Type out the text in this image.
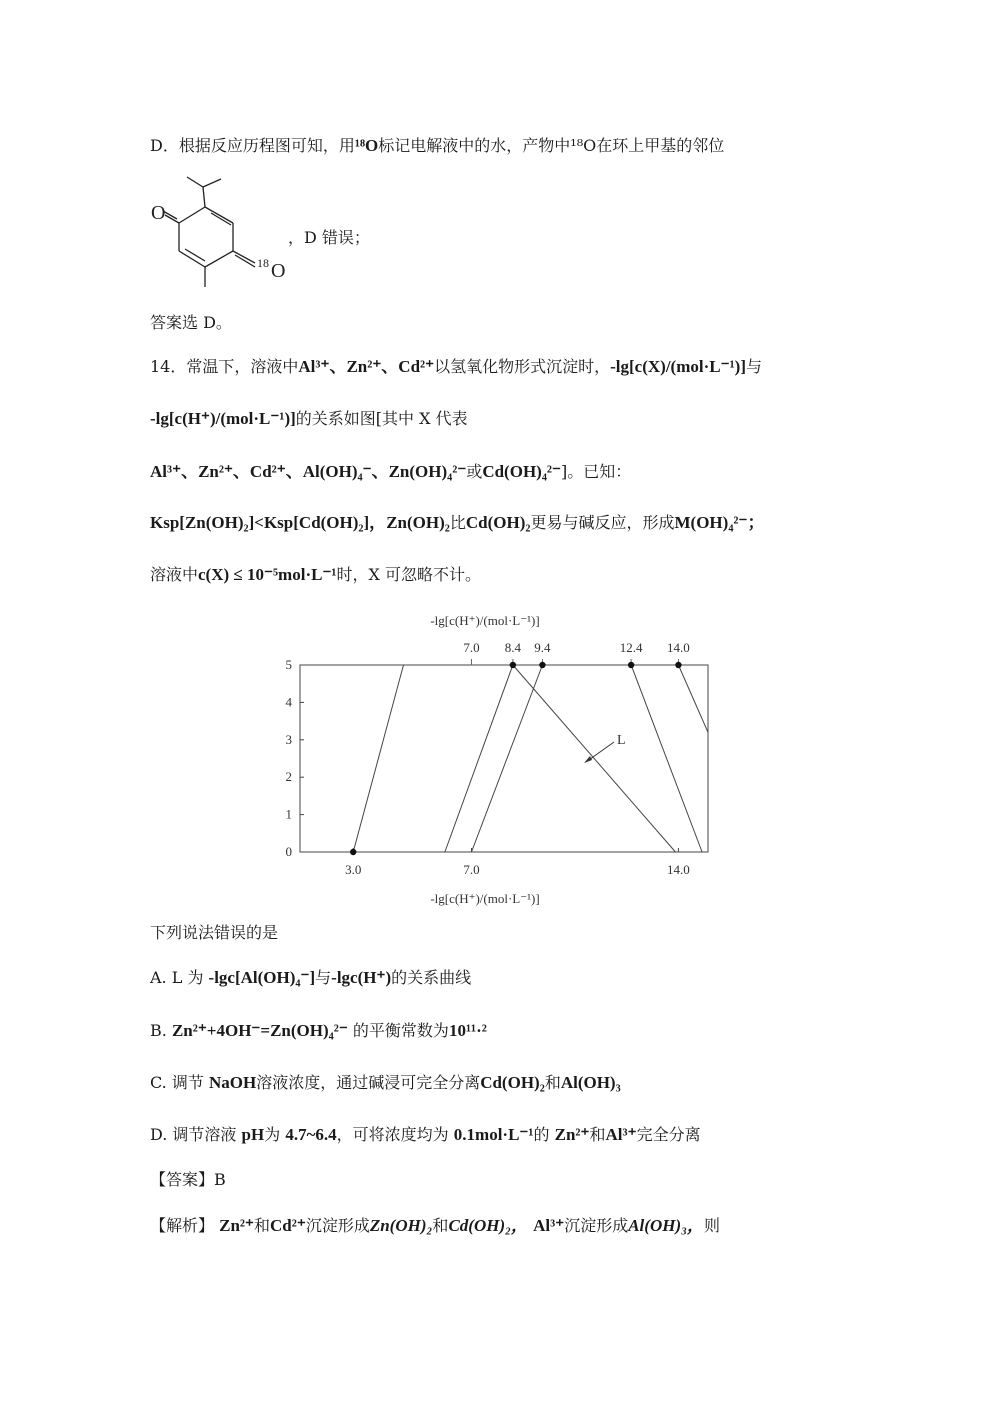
D．根据反应历程图可知，用¹⁸O标记电解液中的水，产物中¹⁸O在环上甲基的邻位
O
18 O
，D 错误；
答案选 D。
14．常温下，溶液中Al³⁺、Zn²⁺、Cd²⁺以氢氧化物形式沉淀时，-lg[c(X)/(mol·L⁻¹)]与
-lg[c(H⁺)/(mol·L⁻¹)]的关系如图[其中 X 代表
Al³⁺、Zn²⁺、Cd²⁺、Al(OH)₄⁻、Zn(OH)₄²⁻或Cd(OH)₄²⁻]。已知：
Ksp[Zn(OH)₂]<Ksp[Cd(OH)₂]，Zn(OH)₂比Cd(OH)₂更易与碱反应，形成M(OH)₄²⁻；
溶液中c(X) ≤ 10⁻⁵mol·L⁻¹时，X 可忽略不计。
0
1
2
3
4
5
7.0 8.4 9.4	12.4 14.0
3.0	7.0	14.0
-lg[c(H⁺)/(mol·L⁻¹)]
-lg[c(H⁺)/(mol·L⁻¹)]
L
下列说法错误的是
A. L 为 -lgc[Al(OH)₄⁻]与-lgc(H⁺)的关系曲线
B. Zn²⁺+4OH⁻=Zn(OH)₄²⁻ 的平衡常数为10¹¹·²
C. 调节 NaOH溶液浓度，通过碱浸可完全分离Cd(OH)₂和Al(OH)₃
D. 调节溶液 pH为 4.7~6.4，可将浓度均为 0.1mol·L⁻¹的 Zn²⁺和Al³⁺完全分离
【答案】B
【解析】 Zn²⁺和Cd²⁺沉淀形成Zn(OH)₂和Cd(OH)₂， Al³⁺沉淀形成Al(OH)₃，则
